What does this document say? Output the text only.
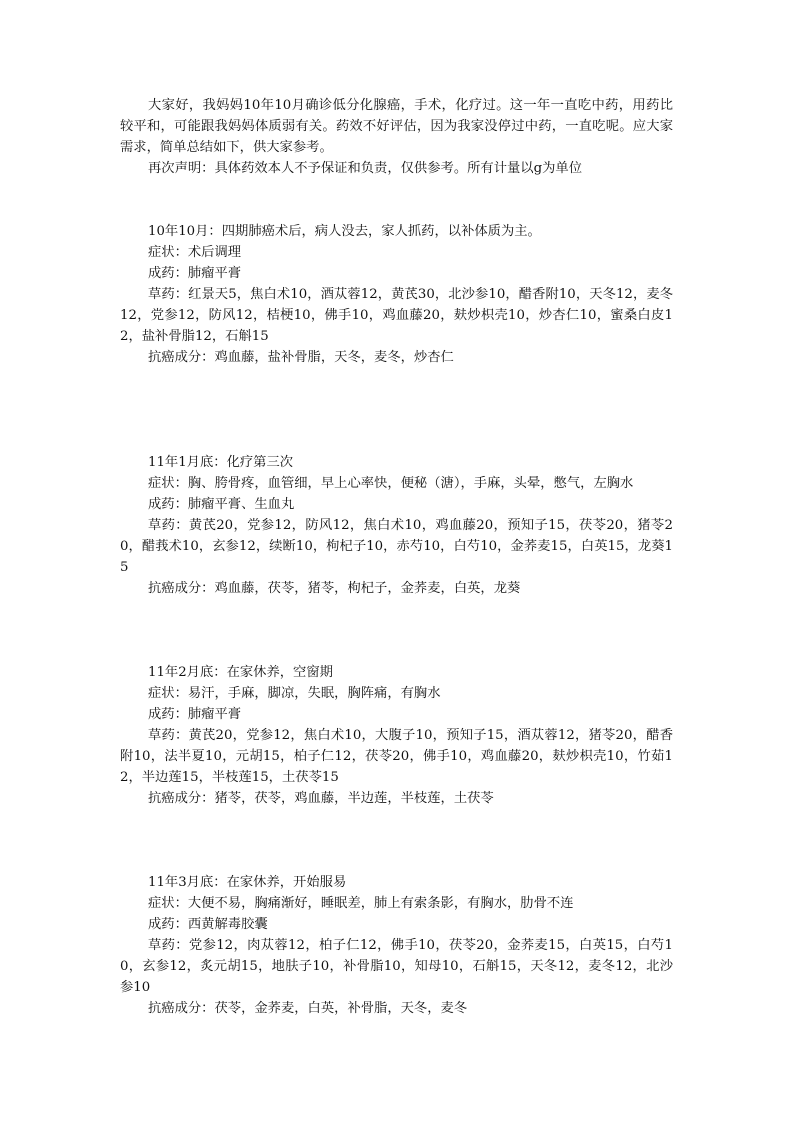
大家好，我妈妈10年10月确诊低分化腺癌，手术，化疗过。这一年一直吃中药，用药比较平和，可能跟我妈妈体质弱有关。药效不好评估，因为我家没停过中药，一直吃呢。应大家需求，简单总结如下，供大家参考。

再次声明：具体药效本人不予保证和负责，仅供参考。所有计量以g为单位

10年10月：四期肺癌术后，病人没去，家人抓药，以补体质为主。

症状：术后调理

成药：肺瘤平膏

草药：红景天5，焦白术10，酒苁蓉12，黄芪30，北沙参10，醋香附10，天冬12，麦冬12，党参12，防风12，桔梗10，佛手10，鸡血藤20，麸炒枳壳10，炒杏仁10，蜜桑白皮12，盐补骨脂12，石斛15

抗癌成分：鸡血藤，盐补骨脂，天冬，麦冬，炒杏仁

11年1月底：化疗第三次

症状：胸、胯骨疼，血管细，早上心率快，便秘（溏），手麻，头晕，憋气，左胸水

成药：肺瘤平膏、生血丸

草药：黄芪20，党参12，防风12，焦白术10，鸡血藤20，预知子15，茯苓20，猪苓20，醋莪术10，玄参12，续断10，枸杞子10，赤芍10，白芍10，金荞麦15，白英15，龙葵15

抗癌成分：鸡血藤，茯苓，猪苓，枸杞子，金荞麦，白英，龙葵

11年2月底：在家休养，空窗期

症状：易汗，手麻，脚凉，失眠，胸阵痛，有胸水

成药：肺瘤平膏

草药：黄芪20，党参12，焦白术10，大腹子10，预知子15，酒苁蓉12，猪苓20，醋香附10，法半夏10，元胡15，柏子仁12，茯苓20，佛手10，鸡血藤20，麸炒枳壳10，竹茹12，半边莲15，半枝莲15，土茯苓15

抗癌成分：猪苓，茯苓，鸡血藤，半边莲，半枝莲，土茯苓

11年3月底：在家休养，开始服易

症状：大便不易，胸痛渐好，睡眠差，肺上有索条影，有胸水，肋骨不连

成药：西黄解毒胶囊

草药：党参12，肉苁蓉12，柏子仁12，佛手10，茯苓20，金荞麦15，白英15，白芍10，玄参12，炙元胡15，地肤子10，补骨脂10，知母10，石斛15，天冬12，麦冬12，北沙参10

抗癌成分：茯苓，金荞麦，白英，补骨脂，天冬，麦冬
